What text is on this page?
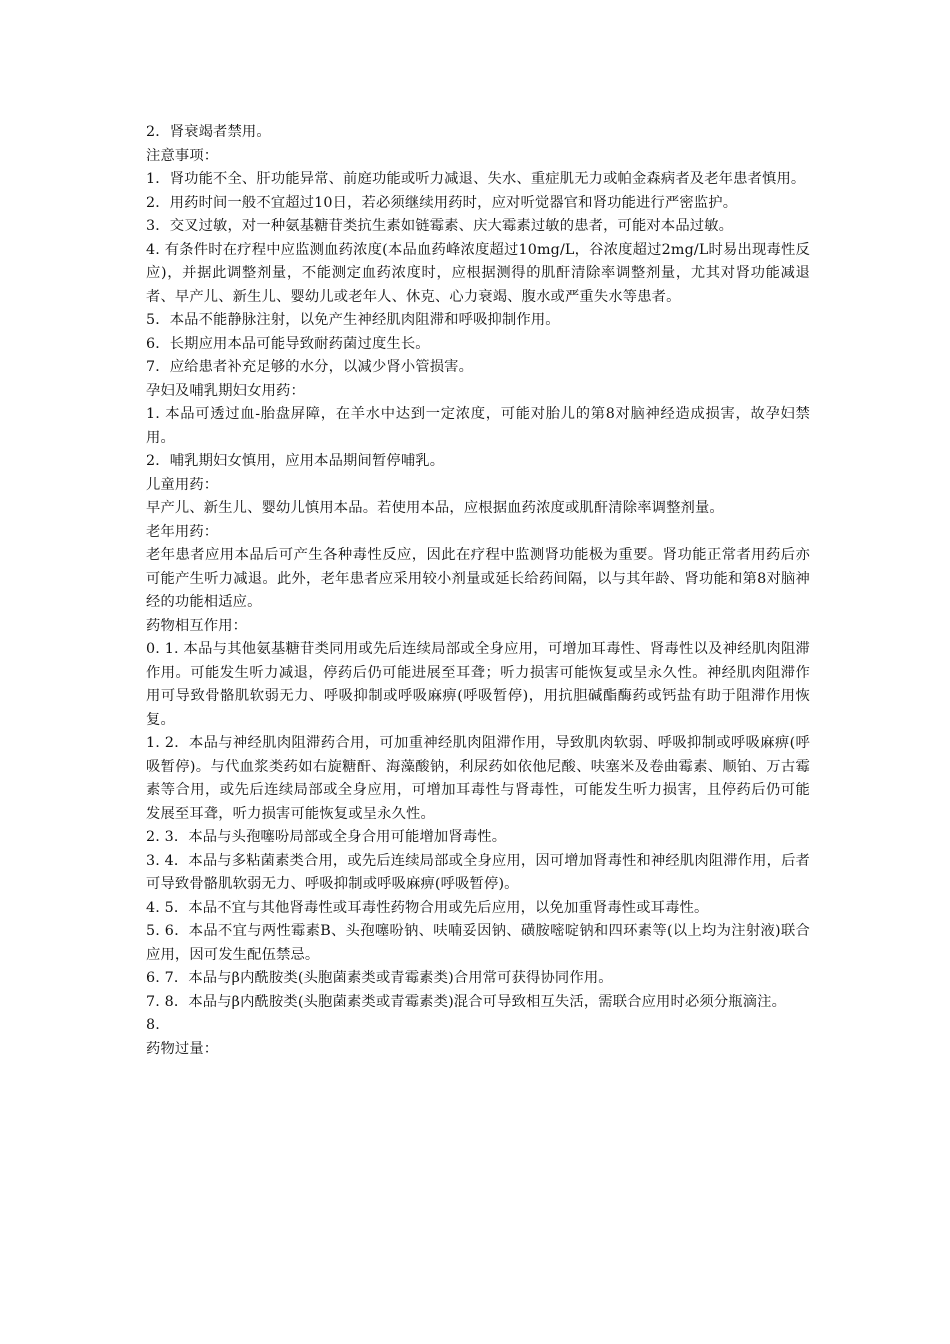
2．肾衰竭者禁用。

注意事项：

1．肾功能不全、肝功能异常、前庭功能或听力减退、失水、重症肌无力或帕金森病者及老年患者慎用。

2．用药时间一般不宜超过10日，若必须继续用药时，应对听觉器官和肾功能进行严密监护。

3．交叉过敏，对一种氨基糖苷类抗生素如链霉素、庆大霉素过敏的患者，可能对本品过敏。

4. 有条件时在疗程中应监测血药浓度(本品血药峰浓度超过10mg/L，谷浓度超过2mg/L时易出现毒性反应)，并据此调整剂量，不能测定血药浓度时，应根据测得的肌酐清除率调整剂量，尤其对肾功能减退者、早产儿、新生儿、婴幼儿或老年人、休克、心力衰竭、腹水或严重失水等患者。

5．本品不能静脉注射，以免产生神经肌肉阻滞和呼吸抑制作用。

6．长期应用本品可能导致耐药菌过度生长。

7．应给患者补充足够的水分，以减少肾小管损害。

孕妇及哺乳期妇女用药：

1. 本品可透过血-胎盘屏障，在羊水中达到一定浓度，可能对胎儿的第8对脑神经造成损害，故孕妇禁用。

2．哺乳期妇女慎用，应用本品期间暂停哺乳。

儿童用药：

早产儿、新生儿、婴幼儿慎用本品。若使用本品，应根据血药浓度或肌酐清除率调整剂量。

老年用药：

老年患者应用本品后可产生各种毒性反应，因此在疗程中监测肾功能极为重要。肾功能正常者用药后亦可能产生听力减退。此外，老年患者应采用较小剂量或延长给药间隔，以与其年龄、肾功能和第8对脑神经的功能相适应。

药物相互作用：

0. 1. 本品与其他氨基糖苷类同用或先后连续局部或全身应用，可增加耳毒性、肾毒性以及神经肌肉阻滞作用。可能发生听力减退，停药后仍可能进展至耳聋；听力损害可能恢复或呈永久性。神经肌肉阻滞作用可导致骨骼肌软弱无力、呼吸抑制或呼吸麻痹(呼吸暂停)，用抗胆碱酯酶药或钙盐有助于阻滞作用恢复。

1. 2．本品与神经肌肉阻滞药合用，可加重神经肌肉阻滞作用，导致肌肉软弱、呼吸抑制或呼吸麻痹(呼吸暂停)。与代血浆类药如右旋糖酐、海藻酸钠，利尿药如依他尼酸、呋塞米及卷曲霉素、顺铂、万古霉素等合用，或先后连续局部或全身应用，可增加耳毒性与肾毒性，可能发生听力损害，且停药后仍可能发展至耳聋，听力损害可能恢复或呈永久性。

2. 3．本品与头孢噻吩局部或全身合用可能增加肾毒性。

3. 4．本品与多粘菌素类合用，或先后连续局部或全身应用，因可增加肾毒性和神经肌肉阻滞作用，后者可导致骨骼肌软弱无力、呼吸抑制或呼吸麻痹(呼吸暂停)。

4. 5．本品不宜与其他肾毒性或耳毒性药物合用或先后应用，以免加重肾毒性或耳毒性。

5. 6．本品不宜与两性霉素B、头孢噻吩钠、呋喃妥因钠、磺胺嘧啶钠和四环素等(以上均为注射液)联合应用，因可发生配伍禁忌。

6. 7．本品与β内酰胺类(头胞菌素类或青霉素类)合用常可获得协同作用。

7. 8．本品与β内酰胺类(头胞菌素类或青霉素类)混合可导致相互失活，需联合应用时必须分瓶滴注。

8.

药物过量：
